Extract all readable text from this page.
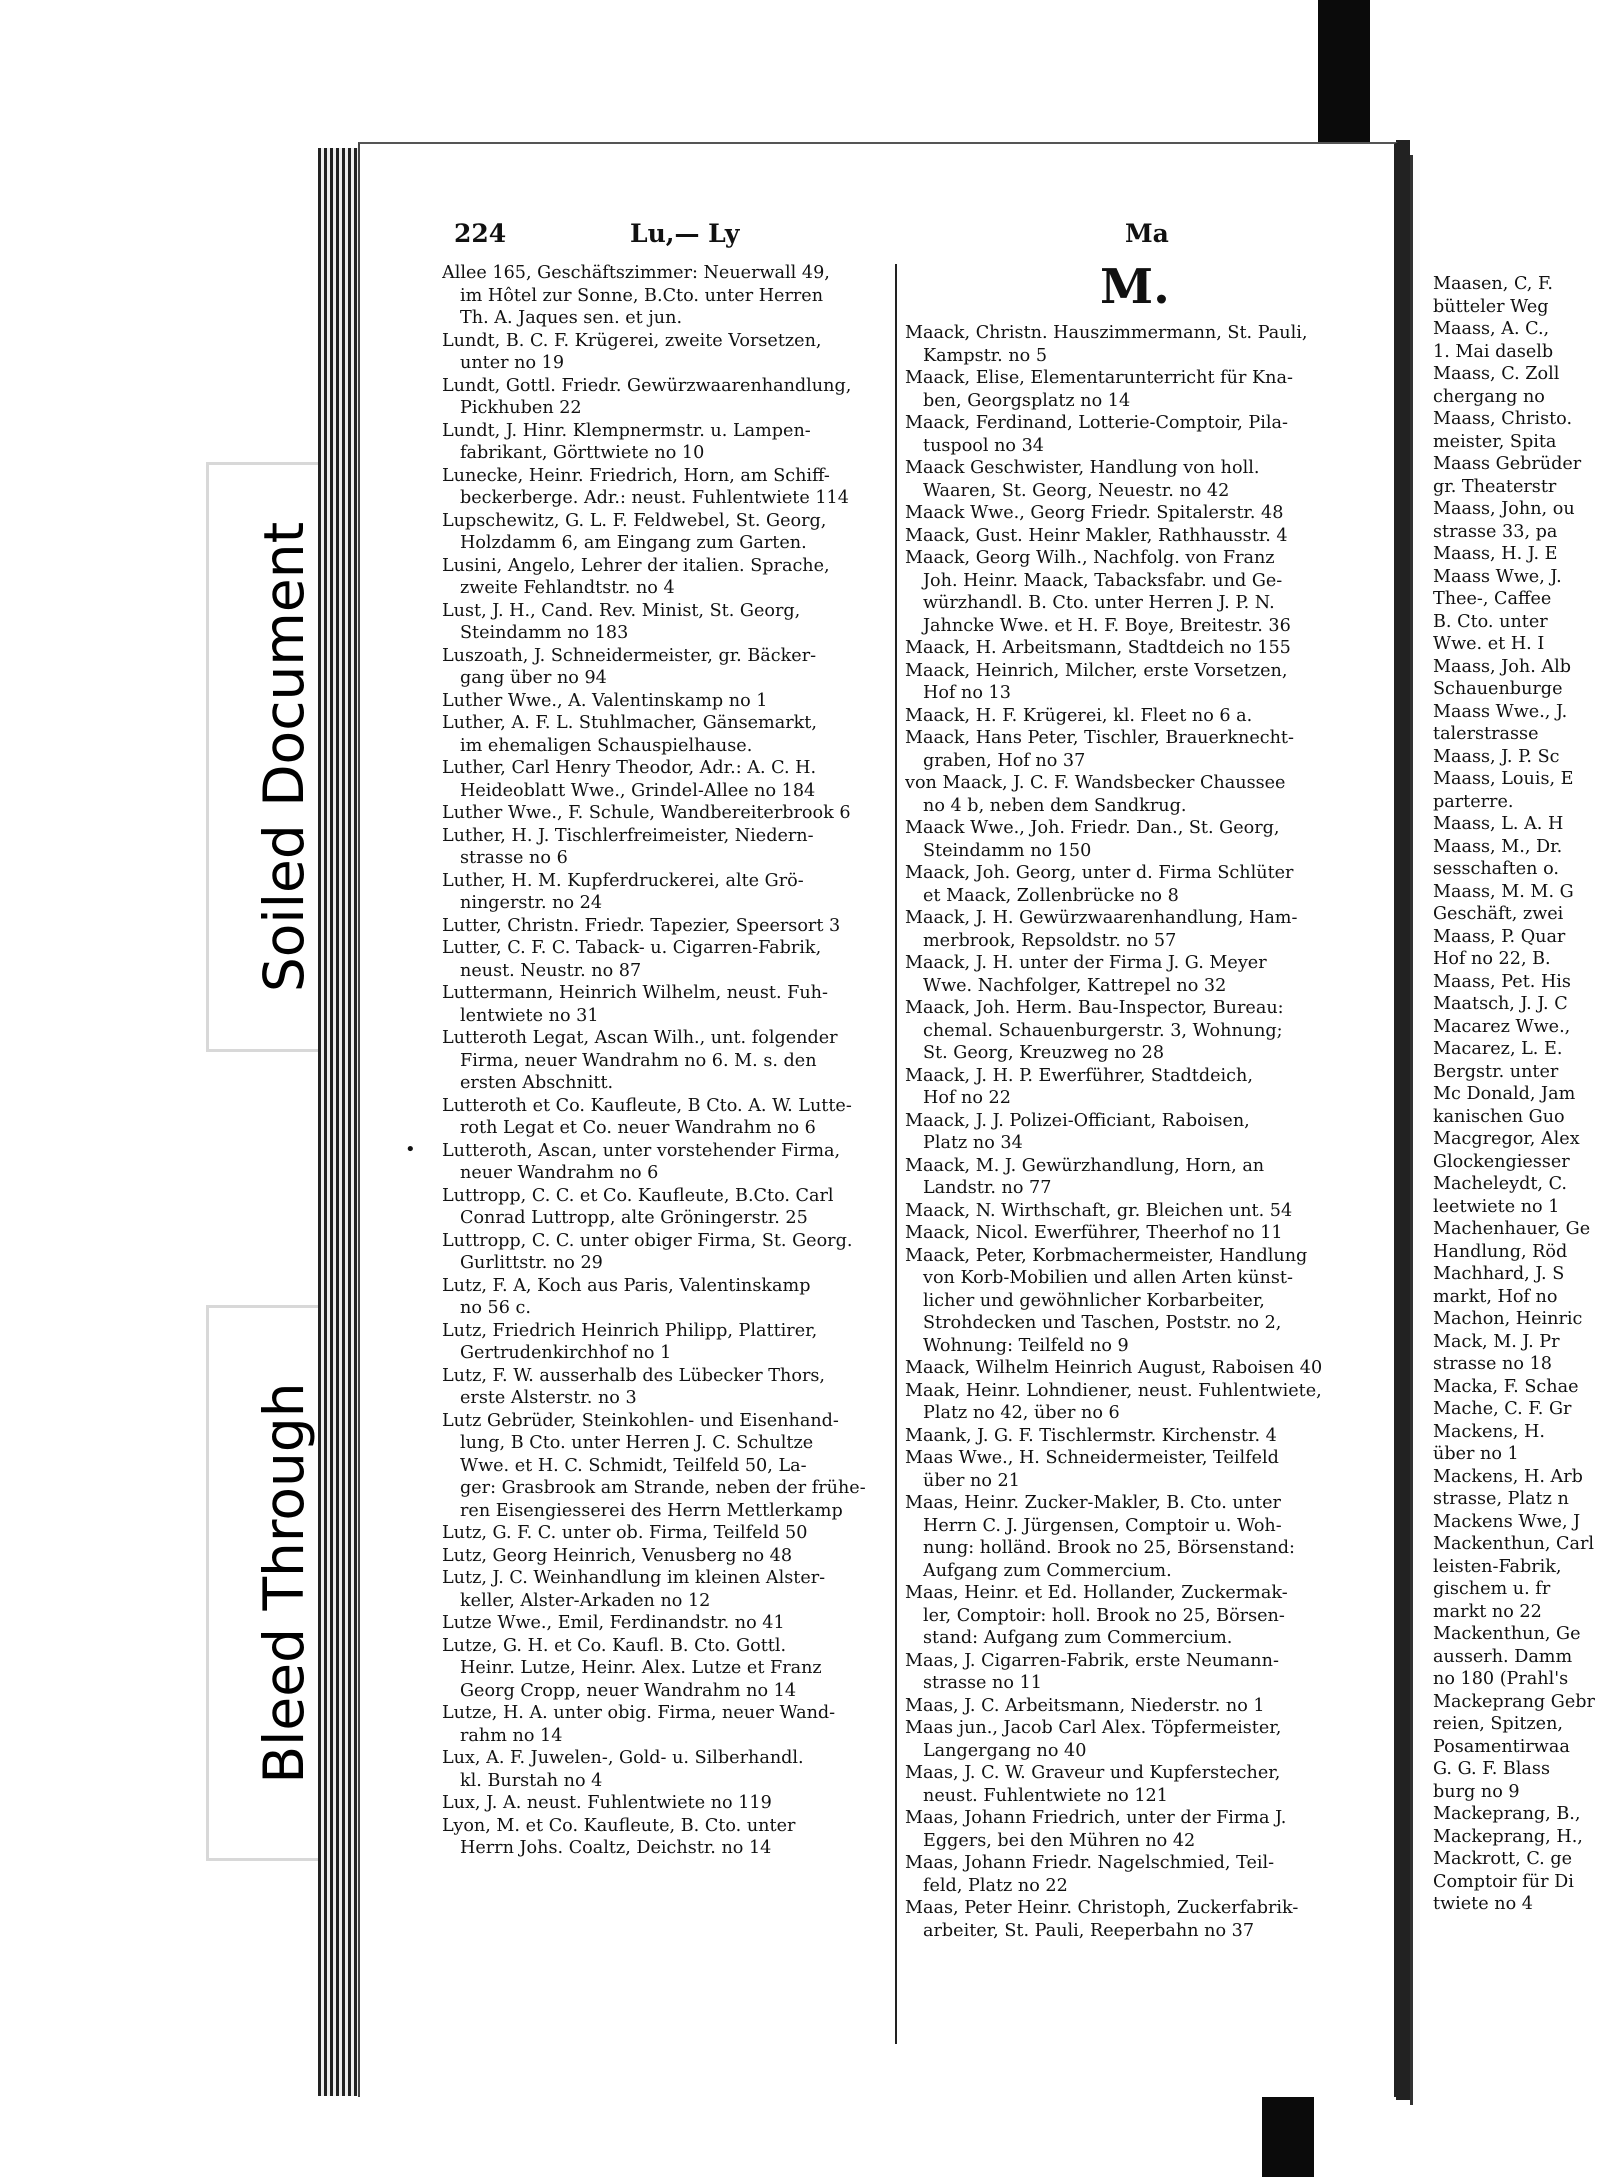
Soiled Document
Bleed Through
224	Lu,— Ly	Ma
M.
•
Allee 165, Geschäftszimmer: Neuerwall 49,
im Hôtel zur Sonne, B.Cto. unter Herren
Th. A. Jaques sen. et jun.
Lundt, B. C. F. Krügerei, zweite Vorsetzen,
unter no 19
Lundt, Gottl. Friedr. Gewürzwaarenhandlung,
Pickhuben 22
Lundt, J. Hinr. Klempnermstr. u. Lampen-
fabrikant, Görttwiete no 10
Lunecke, Heinr. Friedrich, Horn, am Schiff-
beckerberge. Adr.: neust. Fuhlentwiete 114
Lupschewitz, G. L. F. Feldwebel, St. Georg,
Holzdamm 6, am Eingang zum Garten.
Lusini, Angelo, Lehrer der italien. Sprache,
zweite Fehlandtstr. no 4
Lust, J. H., Cand. Rev. Minist, St. Georg,
Steindamm no 183
Luszoath, J. Schneidermeister, gr. Bäcker-
gang über no 94
Luther Wwe., A. Valentinskamp no 1
Luther, A. F. L. Stuhlmacher, Gänsemarkt,
im ehemaligen Schauspielhause.
Luther, Carl Henry Theodor, Adr.: A. C. H.
Heideoblatt Wwe., Grindel-Allee no 184
Luther Wwe., F. Schule, Wandbereiterbrook 6
Luther, H. J. Tischlerfreimeister, Niedern-
strasse no 6
Luther, H. M. Kupferdruckerei, alte Grö-
ningerstr. no 24
Lutter, Christn. Friedr. Tapezier, Speersort 3
Lutter, C. F. C. Taback- u. Cigarren-Fabrik,
neust. Neustr. no 87
Luttermann, Heinrich Wilhelm, neust. Fuh-
lentwiete no 31
Lutteroth Legat, Ascan Wilh., unt. folgender
Firma, neuer Wandrahm no 6. M. s. den
ersten Abschnitt.
Lutteroth et Co. Kaufleute, B Cto. A. W. Lutte-
roth Legat et Co. neuer Wandrahm no 6
Lutteroth, Ascan, unter vorstehender Firma,
neuer Wandrahm no 6
Luttropp, C. C. et Co. Kaufleute, B.Cto. Carl
Conrad Luttropp, alte Gröningerstr. 25
Luttropp, C. C. unter obiger Firma, St. Georg.
Gurlittstr. no 29
Lutz, F. A, Koch aus Paris, Valentinskamp
no 56 c.
Lutz, Friedrich Heinrich Philipp, Plattirer,
Gertrudenkirchhof no 1
Lutz, F. W. ausserhalb des Lübecker Thors,
erste Alsterstr. no 3
Lutz Gebrüder, Steinkohlen- und Eisenhand-
lung, B Cto. unter Herren J. C. Schultze
Wwe. et H. C. Schmidt, Teilfeld 50, La-
ger: Grasbrook am Strande, neben der frühe-
ren Eisengiesserei des Herrn Mettlerkamp
Lutz, G. F. C. unter ob. Firma, Teilfeld 50
Lutz, Georg Heinrich, Venusberg no 48
Lutz, J. C. Weinhandlung im kleinen Alster-
keller, Alster-Arkaden no 12
Lutze Wwe., Emil, Ferdinandstr. no 41
Lutze, G. H. et Co. Kaufl. B. Cto. Gottl.
Heinr. Lutze, Heinr. Alex. Lutze et Franz
Georg Cropp, neuer Wandrahm no 14
Lutze, H. A. unter obig. Firma, neuer Wand-
rahm no 14
Lux, A. F. Juwelen-, Gold- u. Silberhandl.
kl. Burstah no 4
Lux, J. A. neust. Fuhlentwiete no 119
Lyon, M. et Co. Kaufleute, B. Cto. unter
Herrn Johs. Coaltz, Deichstr. no 14
Maack, Christn. Hauszimmermann, St. Pauli,
Kampstr. no 5
Maack, Elise, Elementarunterricht für Kna-
ben, Georgsplatz no 14
Maack, Ferdinand, Lotterie-Comptoir, Pila-
tuspool no 34
Maack Geschwister, Handlung von holl.
Waaren, St. Georg, Neuestr. no 42
Maack Wwe., Georg Friedr. Spitalerstr. 48
Maack, Gust. Heinr Makler, Rathhausstr. 4
Maack, Georg Wilh., Nachfolg. von Franz
Joh. Heinr. Maack, Tabacksfabr. und Ge-
würzhandl. B. Cto. unter Herren J. P. N.
Jahncke Wwe. et H. F. Boye, Breitestr. 36
Maack, H. Arbeitsmann, Stadtdeich no 155
Maack, Heinrich, Milcher, erste Vorsetzen,
Hof no 13
Maack, H. F. Krügerei, kl. Fleet no 6 a.
Maack, Hans Peter, Tischler, Brauerknecht-
graben, Hof no 37
von Maack, J. C. F. Wandsbecker Chaussee
no 4 b, neben dem Sandkrug.
Maack Wwe., Joh. Friedr. Dan., St. Georg,
Steindamm no 150
Maack, Joh. Georg, unter d. Firma Schlüter
et Maack, Zollenbrücke no 8
Maack, J. H. Gewürzwaarenhandlung, Ham-
merbrook, Repsoldstr. no 57
Maack, J. H. unter der Firma J. G. Meyer
Wwe. Nachfolger, Kattrepel no 32
Maack, Joh. Herm. Bau-Inspector, Bureau:
chemal. Schauenburgerstr. 3, Wohnung;
St. Georg, Kreuzweg no 28
Maack, J. H. P. Ewerführer, Stadtdeich,
Hof no 22
Maack, J. J. Polizei-Officiant, Raboisen,
Platz no 34
Maack, M. J. Gewürzhandlung, Horn, an
Landstr. no 77
Maack, N. Wirthschaft, gr. Bleichen unt. 54
Maack, Nicol. Ewerführer, Theerhof no 11
Maack, Peter, Korbmachermeister, Handlung
von Korb-Mobilien und allen Arten künst-
licher und gewöhnlicher Korbarbeiter,
Strohdecken und Taschen, Poststr. no 2,
Wohnung: Teilfeld no 9
Maack, Wilhelm Heinrich August, Raboisen 40
Maak, Heinr. Lohndiener, neust. Fuhlentwiete,
Platz no 42, über no 6
Maank, J. G. F. Tischlermstr. Kirchenstr. 4
Maas Wwe., H. Schneidermeister, Teilfeld
über no 21
Maas, Heinr. Zucker-Makler, B. Cto. unter
Herrn C. J. Jürgensen, Comptoir u. Woh-
nung: holländ. Brook no 25, Börsenstand:
Aufgang zum Commercium.
Maas, Heinr. et Ed. Hollander, Zuckermak-
ler, Comptoir: holl. Brook no 25, Börsen-
stand: Aufgang zum Commercium.
Maas, J. Cigarren-Fabrik, erste Neumann-
strasse no 11
Maas, J. C. Arbeitsmann, Niederstr. no 1
Maas jun., Jacob Carl Alex. Töpfermeister,
Langergang no 40
Maas, J. C. W. Graveur und Kupferstecher,
neust. Fuhlentwiete no 121
Maas, Johann Friedrich, unter der Firma J.
Eggers, bei den Mühren no 42
Maas, Johann Friedr. Nagelschmied, Teil-
feld, Platz no 22
Maas, Peter Heinr. Christoph, Zuckerfabrik-
arbeiter, St. Pauli, Reeperbahn no 37
Maasen, C, F.
bütteler Weg
Maass, A. C.,
1. Mai daselb
Maass, C. Zoll
chergang no
Maass, Christo.
meister, Spita
Maass Gebrüder
gr. Theaterstr
Maass, John, ou
strasse 33, pa
Maass, H. J. E
Maass Wwe, J.
Thee-, Caffee
B. Cto. unter
Wwe. et H. I
Maass, Joh. Alb
Schauenburge
Maass Wwe., J.
talerstrasse
Maass, J. P. Sc
Maass, Louis, E
parterre.
Maass, L. A. H
Maass, M., Dr.
sesschaften o.
Maass, M. M. G
Geschäft, zwei
Maass, P. Quar
Hof no 22, B.
Maass, Pet. His
Maatsch, J. J. C
Macarez Wwe.,
Macarez, L. E.
Bergstr. unter
Mc Donald, Jam
kanischen Guo
Macgregor, Alex
Glockengiesser
Macheleydt, C.
leetwiete no 1
Machenhauer, Ge
Handlung, Röd
Machhard, J. S
markt, Hof no
Machon, Heinric
Mack, M. J. Pr
strasse no 18
Macka, F. Schae
Mache, C. F. Gr
Mackens, H.
über no 1
Mackens, H. Arb
strasse, Platz n
Mackens Wwe, J
Mackenthun, Carl
leisten-Fabrik,
gischem u. fr
markt no 22
Mackenthun, Ge
ausserh. Damm
no 180 (Prahl's
Mackeprang Gebr
reien, Spitzen,
Posamentirwaa
G. G. F. Blass
burg no 9
Mackeprang, B.,
Mackeprang, H.,
Mackrott, C. ge
Comptoir für Di
twiete no 4
